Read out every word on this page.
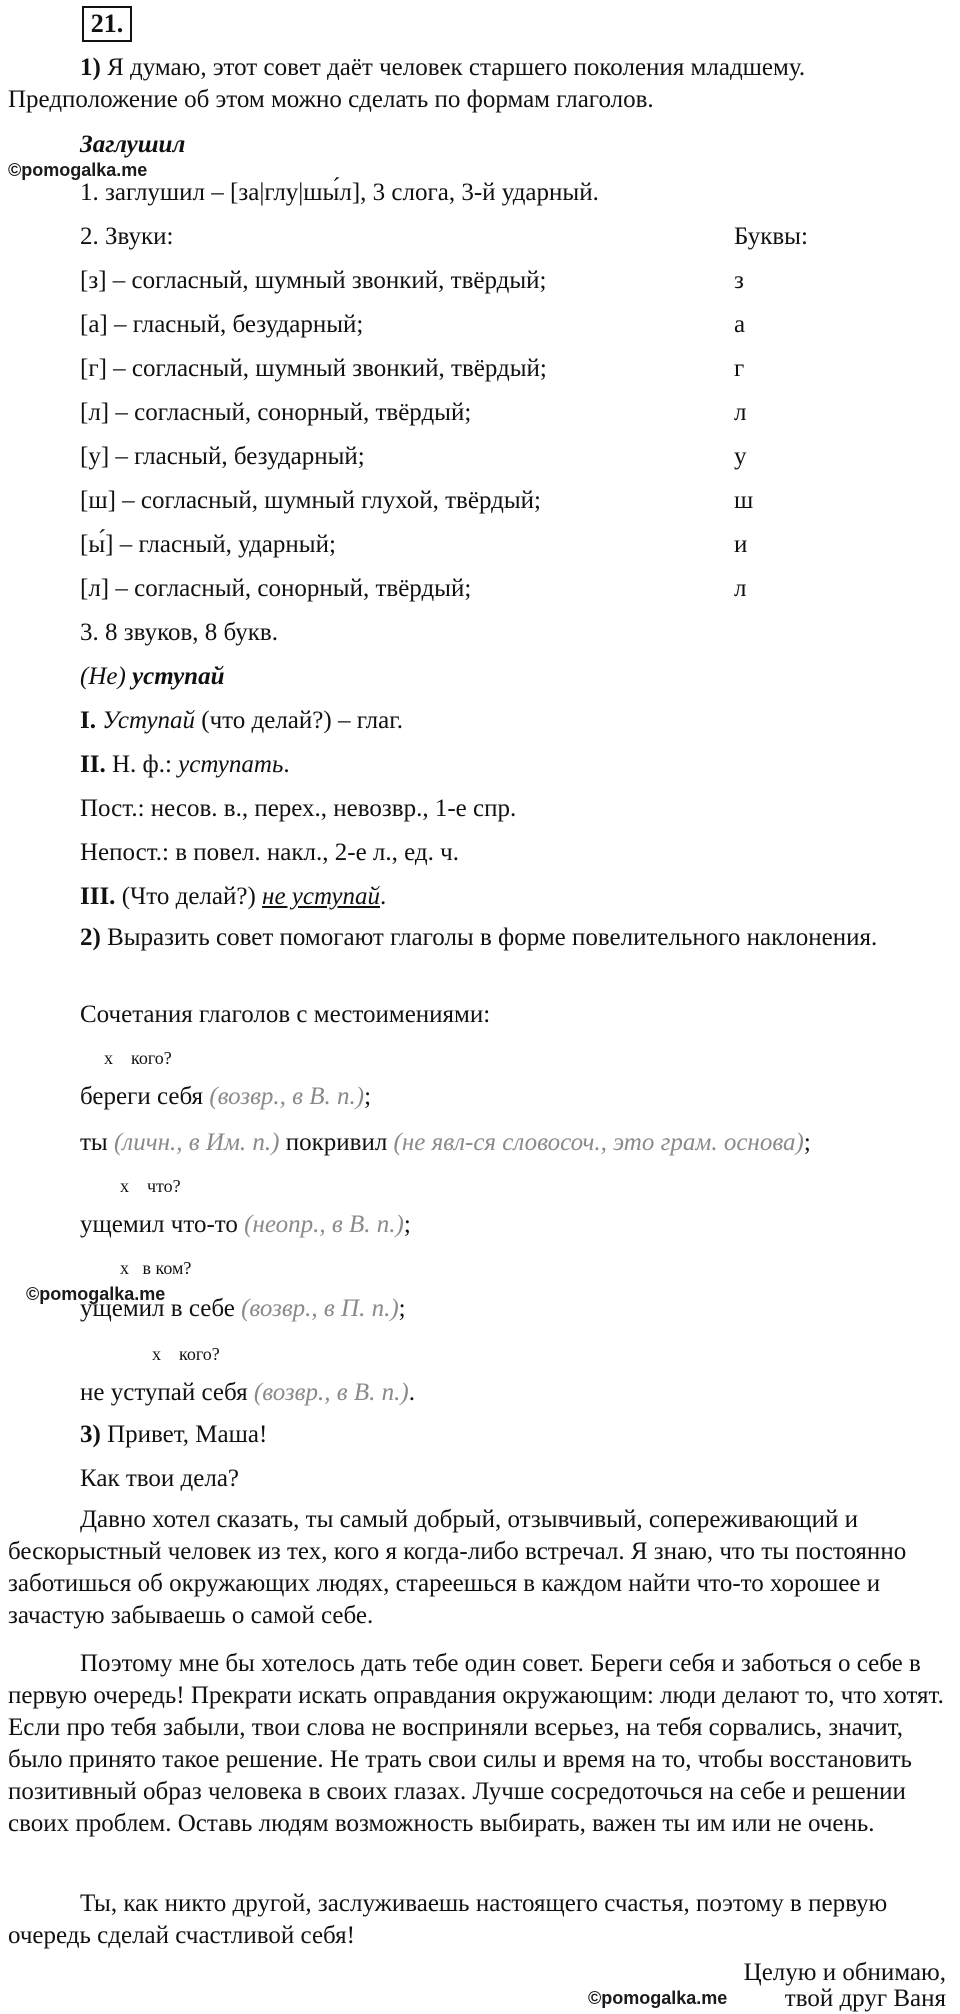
21.
1) Я думаю, этот совет даёт человек старшего поколения младшему. Предположение об этом можно сделать по формам глаголов.
Заглушил
©pomogalka.me
1. заглушил – [за|глу|шы́л], 3 слога, 3-й ударный.
2. Звуки:	Буквы:
[з] – согласный, шумный звонкий, твёрдый;	з
[а] – гласный, безударный;	а
[г] – согласный, шумный звонкий, твёрдый;	г
[л] – согласный, сонорный, твёрдый;	л
[у] – гласный, безударный;	у
[ш] – согласный, шумный глухой, твёрдый;	ш
[ы́] – гласный, ударный;	и
[л] – согласный, сонорный, твёрдый;	л
3. 8 звуков, 8 букв.
(Не) уступай
I. Уступай (что делай?) – глаг.
II. Н. ф.: уступать.
Пост.: несов. в., перех., невозвр., 1-е спр.
Непост.: в повел. накл., 2-е л., ед. ч.
III. (Что делай?) не уступай.
2) Выразить совет помогают глаголы в форме повелительного наклонения.
Сочетания глаголов с местоимениями:
х    кого?
береги себя (возвр., в В. п.);
ты (личн., в Им. п.) покривил (не явл-ся словосоч., это грам. основа);
х    что?
ущемил что-то (неопр., в В. п.);
х   в ком?
©pomogalka.me
ущемил в себе (возвр., в П. п.);
х    кого?
не уступай себя (возвр., в В. п.).
3) Привет, Маша!
Как твои дела?
Давно хотел сказать, ты самый добрый, отзывчивый, сопереживающий и бескорыстный человек из тех, кого я когда-либо встречал. Я знаю, что ты постоянно заботишься об окружающих людях, стареешься в каждом найти что-то хорошее и зачастую забываешь о самой себе.
Поэтому мне бы хотелось дать тебе один совет. Береги себя и заботься о себе в первую очередь! Прекрати искать оправдания окружающим: люди делают то, что хотят. Если про тебя забыли, твои слова не восприняли всерьез, на тебя сорвались, значит, было принято такое решение. Не трать свои силы и время на то, чтобы восстановить позитивный образ человека в своих глазах. Лучше сосредоточься на себе и решении своих проблем. Оставь людям возможность выбирать, важен ты им или не очень.
Ты, как никто другой, заслуживаешь настоящего счастья, поэтому в первую очередь сделай счастливой себя!
Целую и обнимаю,
©pomogalka.me твой друг Ваня
